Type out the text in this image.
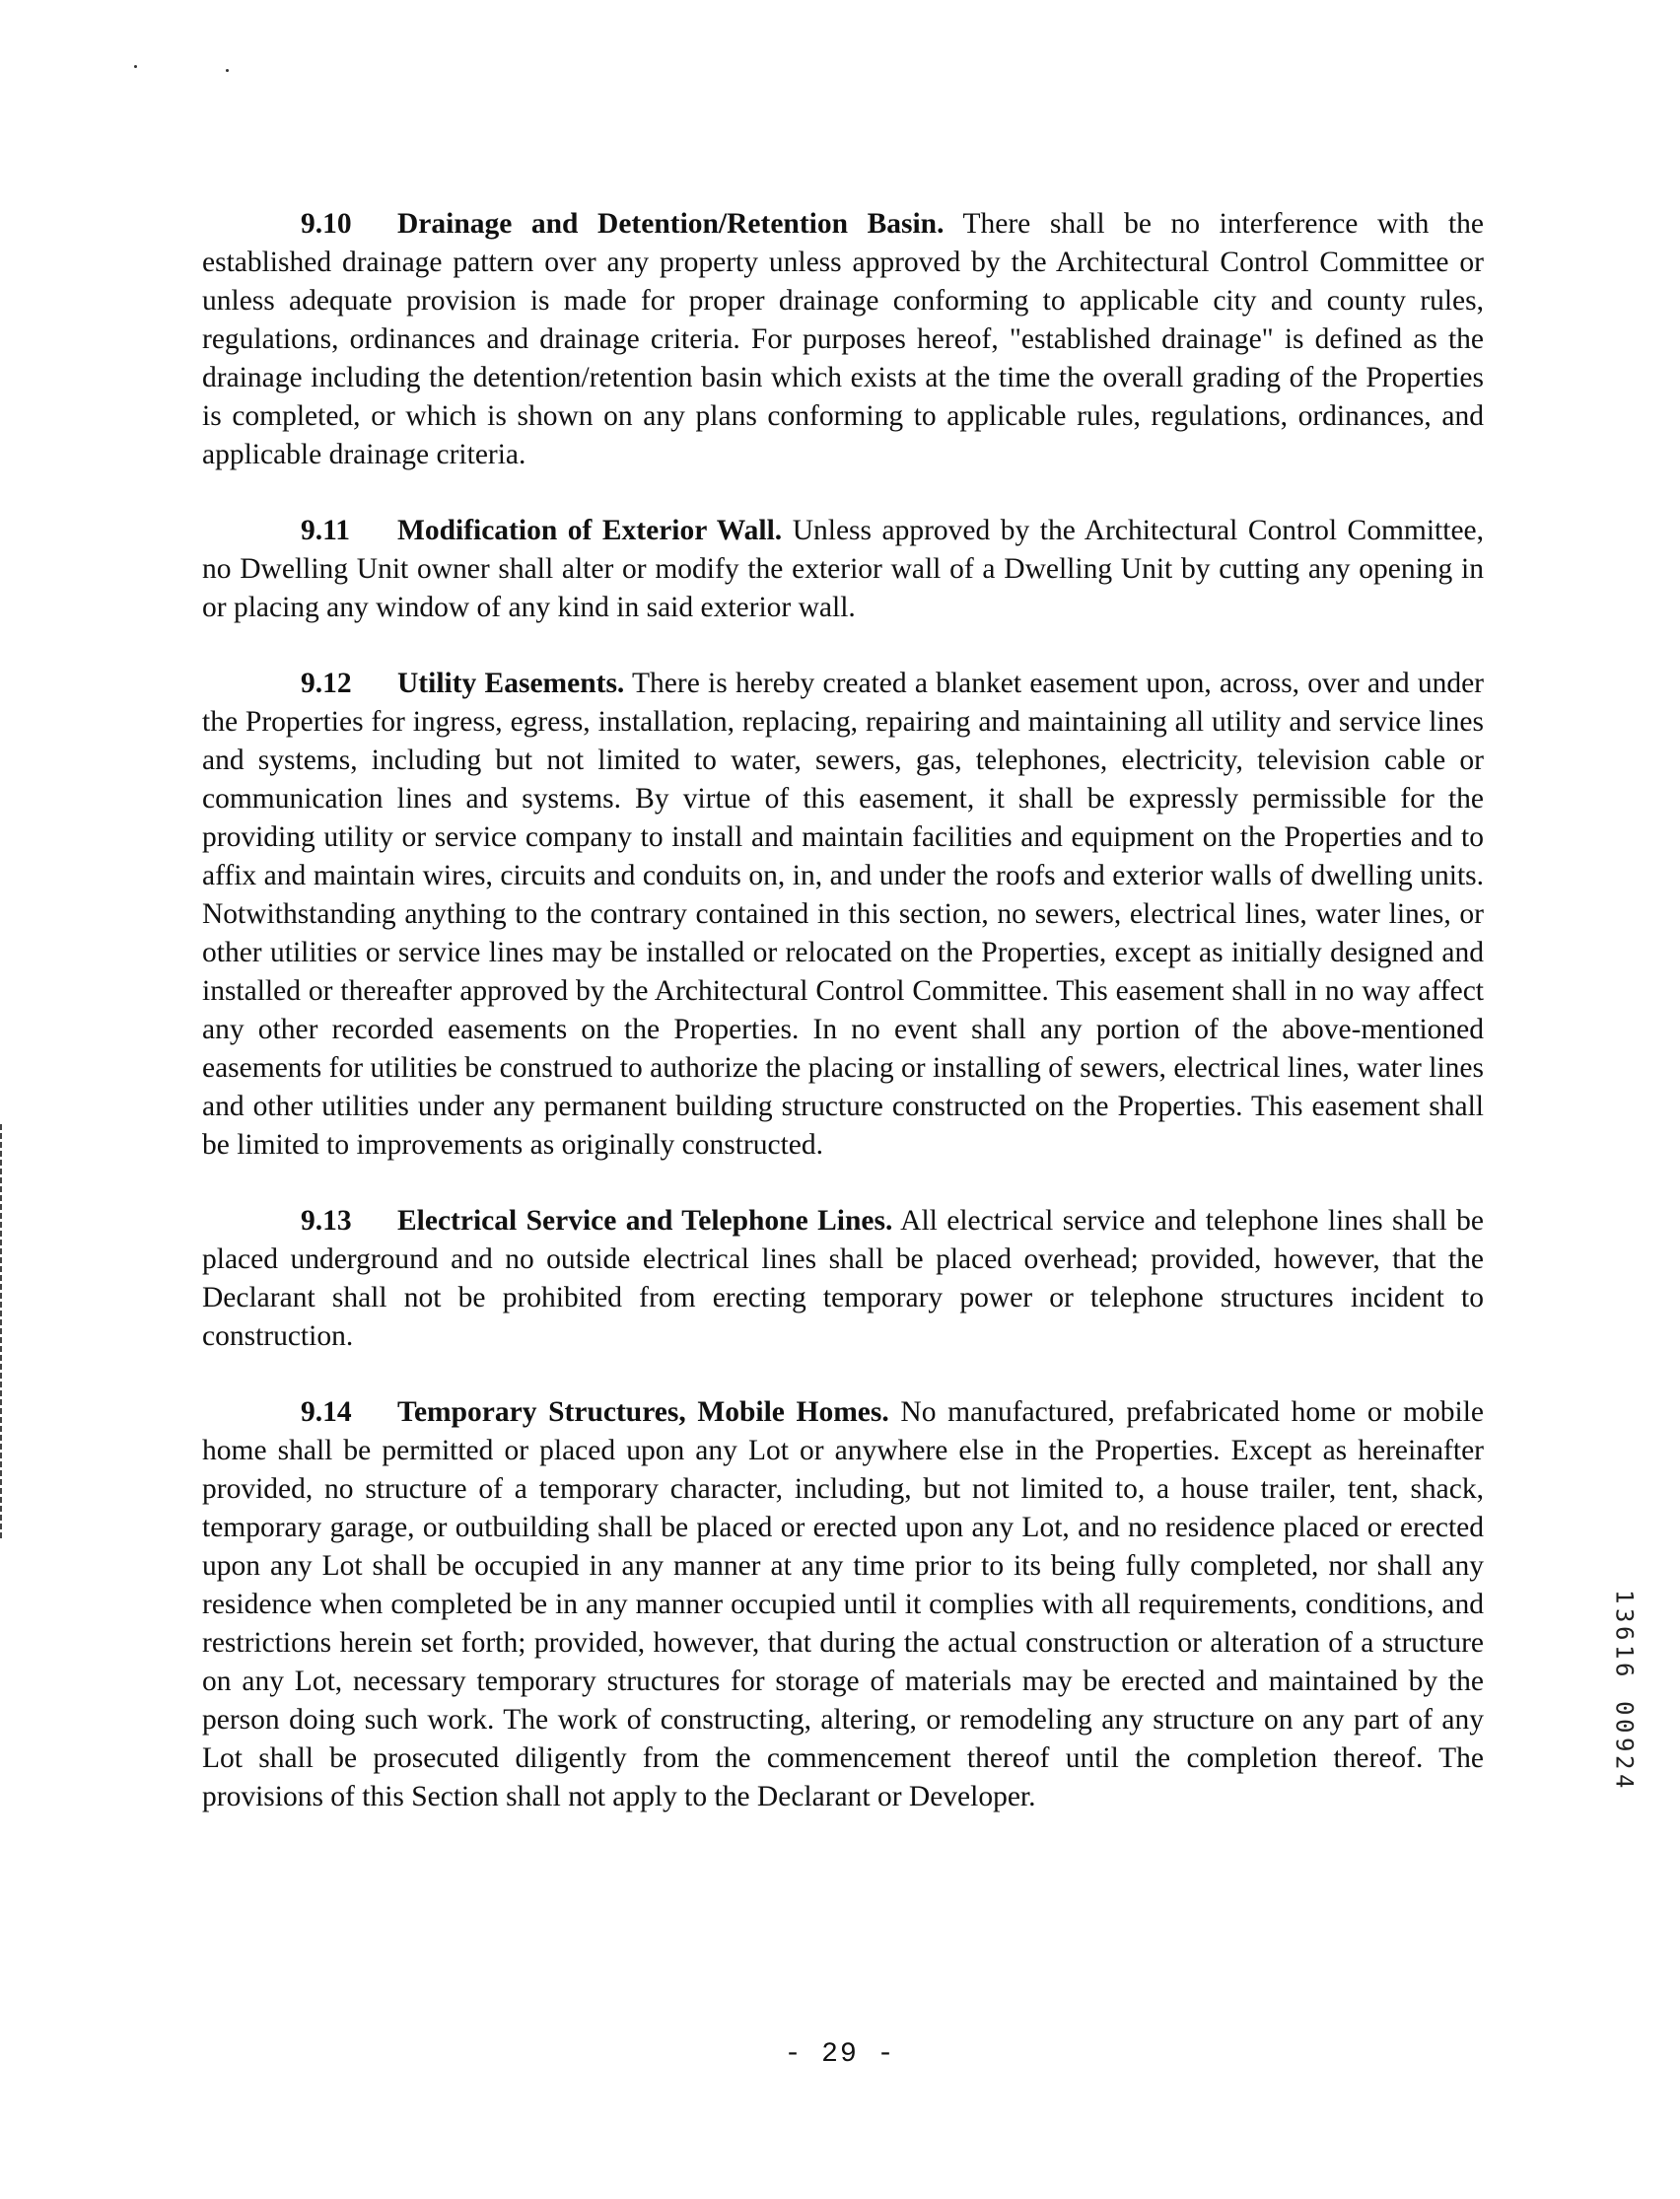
9.10 Drainage and Detention/Retention Basin. There shall be no interference with the established drainage pattern over any property unless approved by the Architectural Control Committee or unless adequate provision is made for proper drainage conforming to applicable city and county rules, regulations, ordinances and drainage criteria. For purposes hereof, "established drainage" is defined as the drainage including the detention/retention basin which exists at the time the overall grading of the Properties is completed, or which is shown on any plans conforming to applicable rules, regulations, ordinances, and applicable drainage criteria.

9.11 Modification of Exterior Wall. Unless approved by the Architectural Control Committee, no Dwelling Unit owner shall alter or modify the exterior wall of a Dwelling Unit by cutting any opening in or placing any window of any kind in said exterior wall.

9.12 Utility Easements. There is hereby created a blanket easement upon, across, over and under the Properties for ingress, egress, installation, replacing, repairing and maintaining all utility and service lines and systems, including but not limited to water, sewers, gas, telephones, electricity, television cable or communication lines and systems. By virtue of this easement, it shall be expressly permissible for the providing utility or service company to install and maintain facilities and equipment on the Properties and to affix and maintain wires, circuits and conduits on, in, and under the roofs and exterior walls of dwelling units. Notwithstanding anything to the contrary contained in this section, no sewers, electrical lines, water lines, or other utilities or service lines may be installed or relocated on the Properties, except as initially designed and installed or thereafter approved by the Architectural Control Committee. This easement shall in no way affect any other recorded easements on the Properties. In no event shall any portion of the above-mentioned easements for utilities be construed to authorize the placing or installing of sewers, electrical lines, water lines and other utilities under any permanent building structure constructed on the Properties. This easement shall be limited to improvements as originally constructed.

9.13 Electrical Service and Telephone Lines. All electrical service and telephone lines shall be placed underground and no outside electrical lines shall be placed overhead; provided, however, that the Declarant shall not be prohibited from erecting temporary power or telephone structures incident to construction.

9.14 Temporary Structures, Mobile Homes. No manufactured, prefabricated home or mobile home shall be permitted or placed upon any Lot or anywhere else in the Properties. Except as hereinafter provided, no structure of a temporary character, including, but not limited to, a house trailer, tent, shack, temporary garage, or outbuilding shall be placed or erected upon any Lot, and no residence placed or erected upon any Lot shall be occupied in any manner at any time prior to its being fully completed, nor shall any residence when completed be in any manner occupied until it complies with all requirements, conditions, and restrictions herein set forth; provided, however, that during the actual construction or alteration of a structure on any Lot, necessary temporary structures for storage of materials may be erected and maintained by the person doing such work. The work of constructing, altering, or remodeling any structure on any part of any Lot shall be prosecuted diligently from the commencement thereof until the completion thereof. The provisions of this Section shall not apply to the Declarant or Developer.

1
3
6
1
6
0
0
9
2
4
- 29 -
